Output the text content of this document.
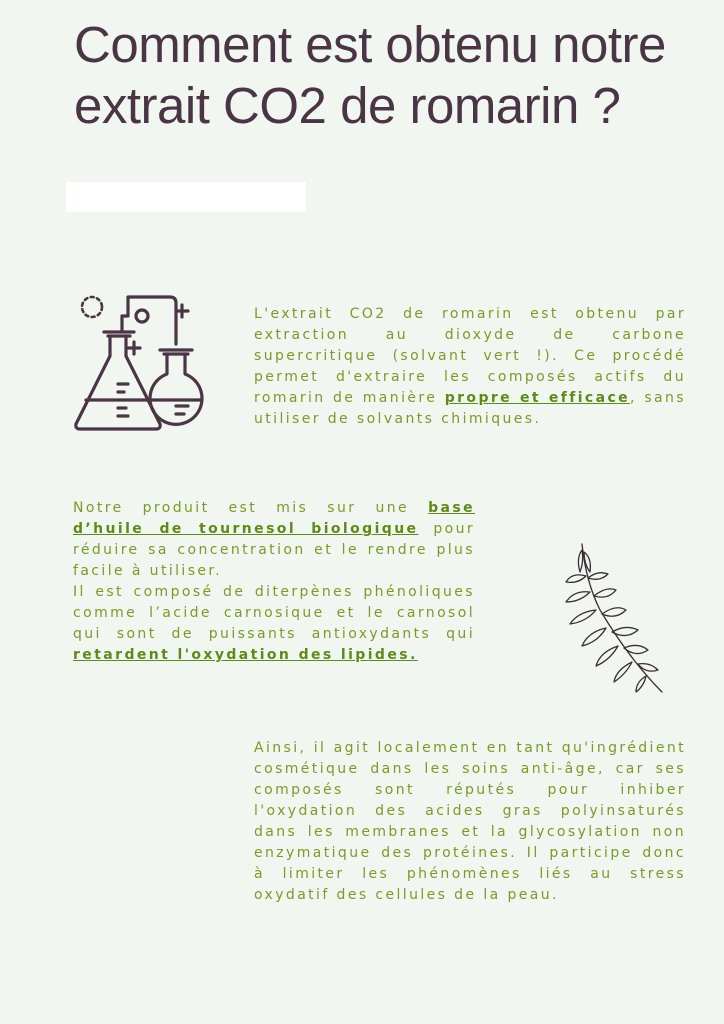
Comment est obtenu notre extrait CO2 de romarin ?

L'extrait CO2 de romarin est obtenu par extraction au dioxyde de carbone supercritique (solvant vert !). Ce procédé permet d'extraire les composés actifs du romarin de manière propre et efficace, sans utiliser de solvants chimiques.

Notre produit est mis sur une base d’huile de tournesol biologique pour réduire sa concentration et le rendre plus facile à utiliser.
Il est composé de diterpènes phénoliques comme l’acide carnosique et le carnosol qui sont de puissants antioxydants qui retardent l'oxydation des lipides.

Ainsi, il agit localement en tant qu'ingrédient cosmétique dans les soins anti-âge, car ses composés sont réputés pour inhiber l'oxydation des acides gras polyinsaturés dans les membranes et la glycosylation non enzymatique des protéines. Il participe donc à limiter les phénomènes liés au stress oxydatif des cellules de la peau.
